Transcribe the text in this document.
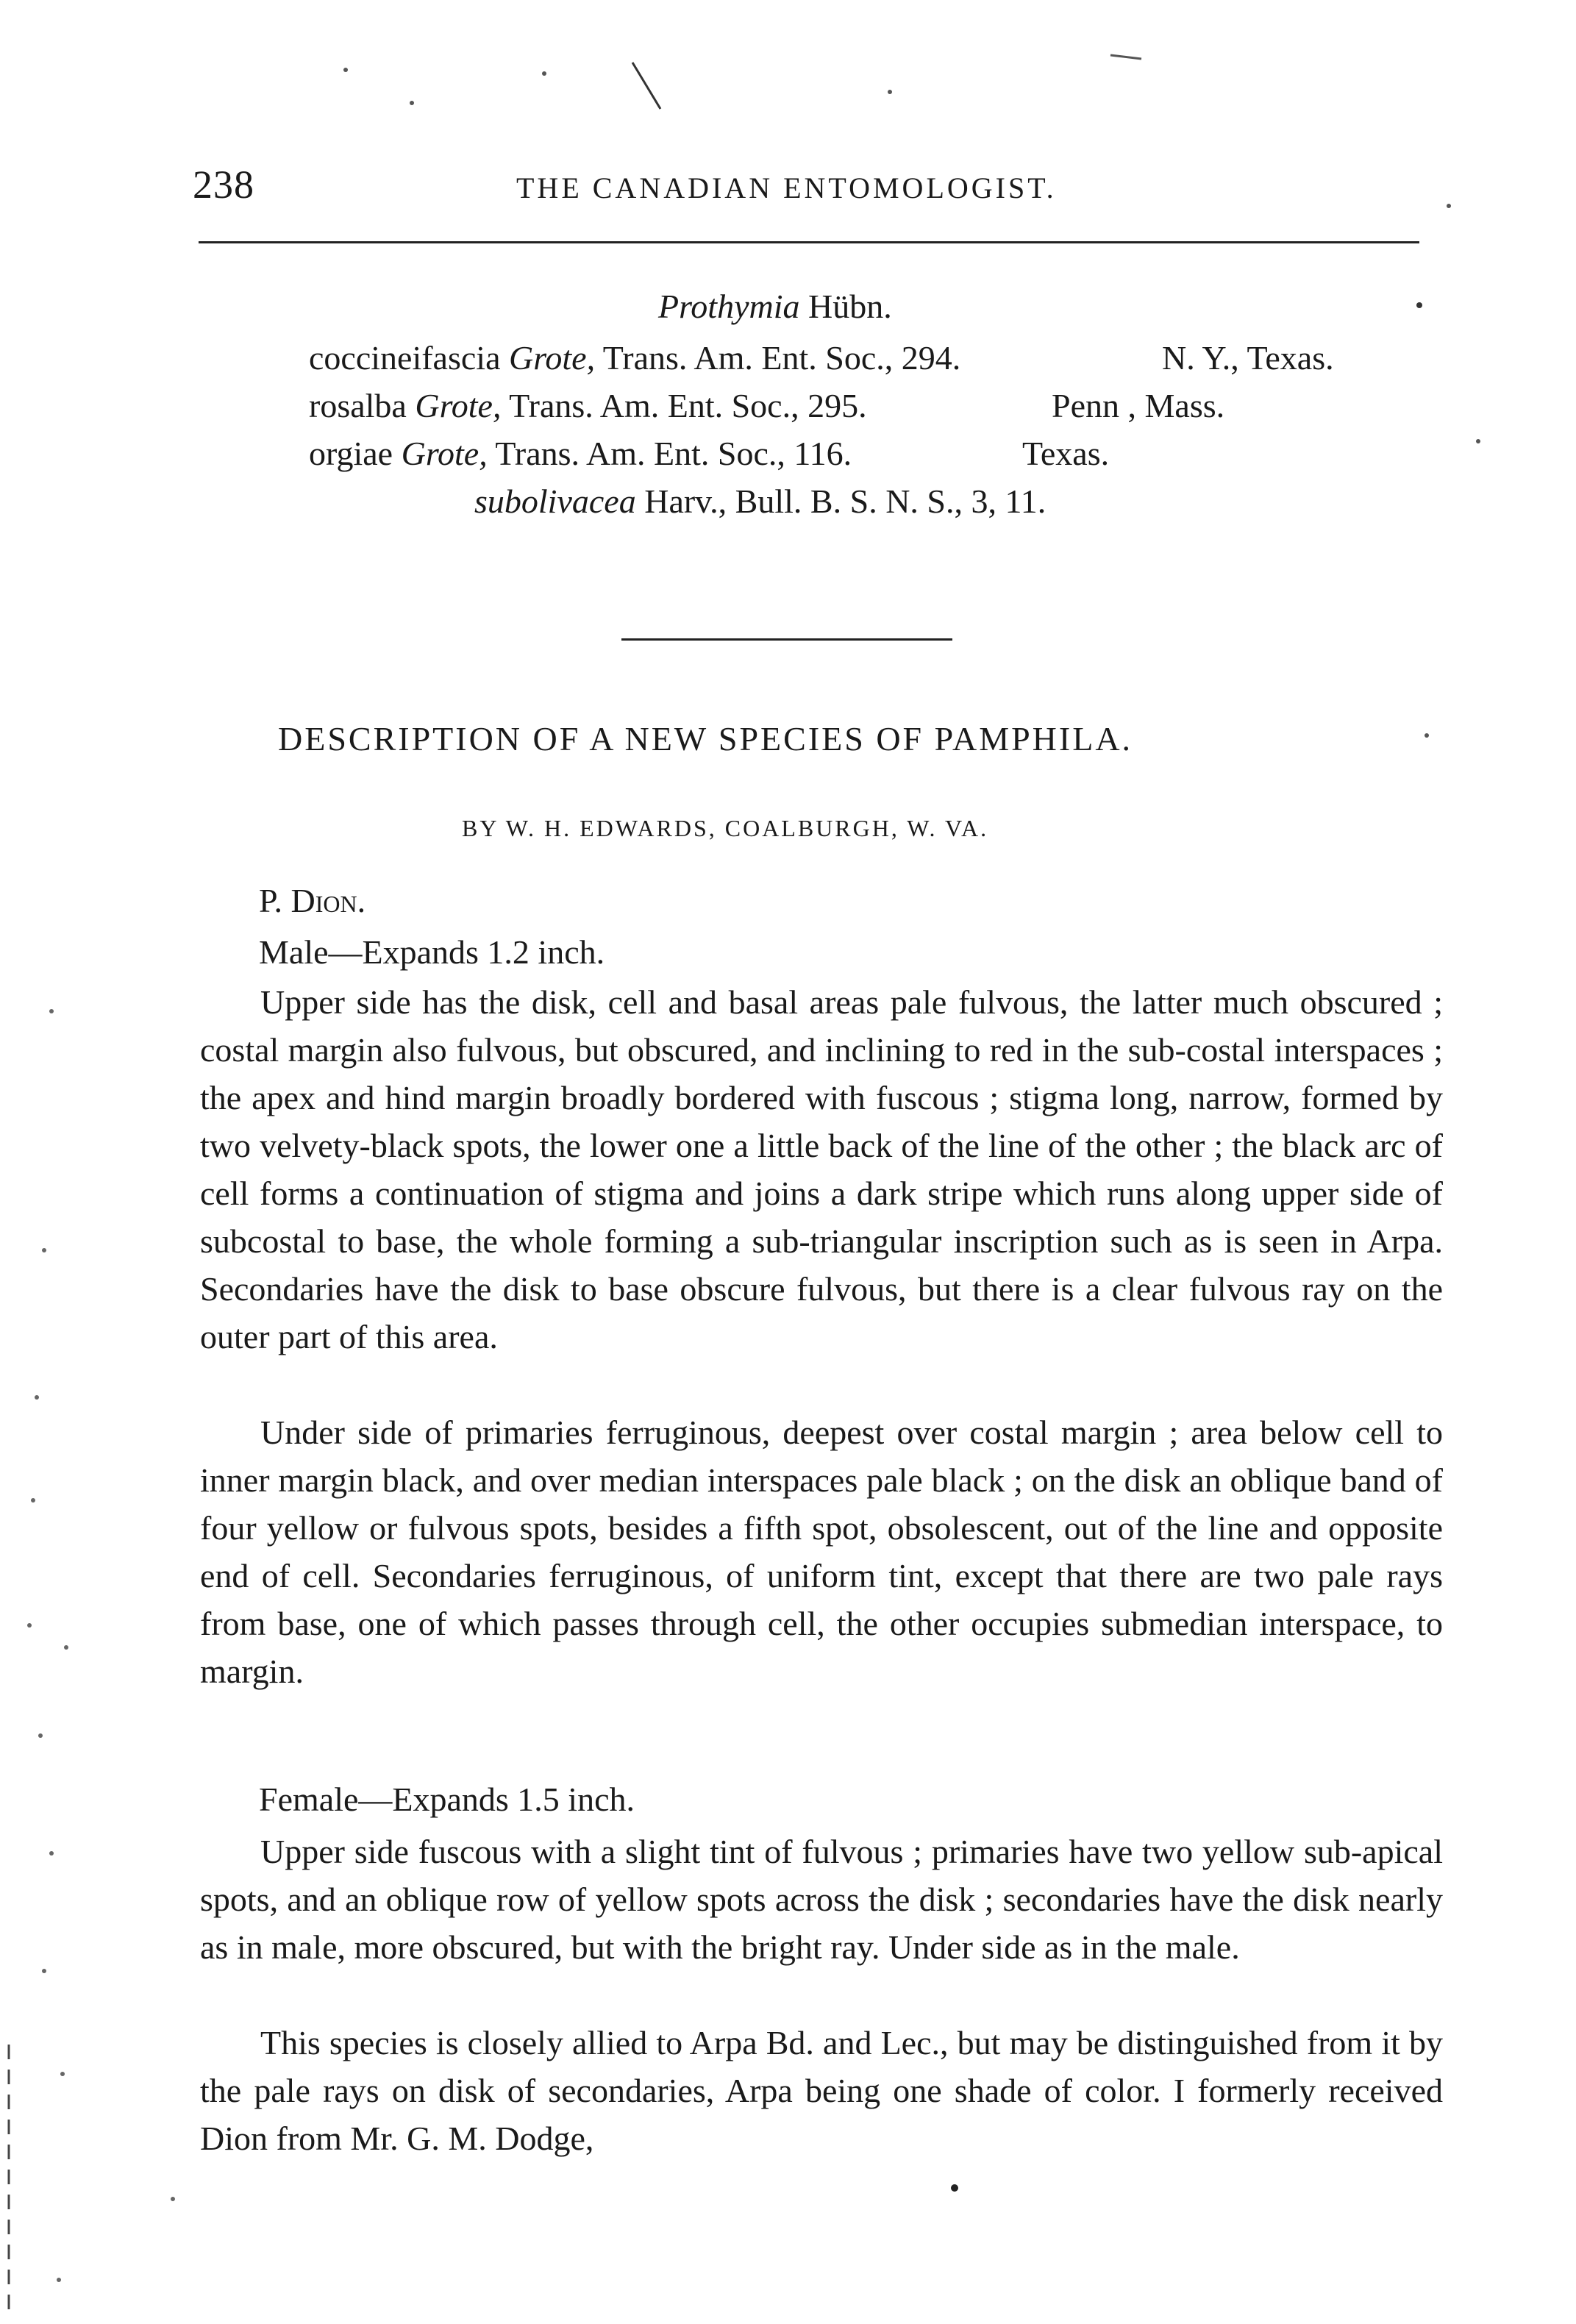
238	THE CANADIAN ENTOMOLOGIST.
Prothymia Hübn.
coccineifascia Grote, Trans. Am. Ent. Soc., 294.	N. Y., Texas.
rosalba Grote, Trans. Am. Ent. Soc., 295.	Penn , Mass.
orgiae Grote, Trans. Am. Ent. Soc., 116.	Texas.
subolivacea Harv., Bull. B. S. N. S., 3, 11.
DESCRIPTION OF A NEW SPECIES OF PAMPHILA.
BY W. H. EDWARDS, COALBURGH, W. VA.
P. Dion.
Male—Expands 1.2 inch.

Upper side has the disk, cell and basal areas pale fulvous, the latter much obscured ; costal margin also fulvous, but obscured, and inclining to red in the sub-costal interspaces ; the apex and hind margin broadly bordered with fuscous ; stigma long, narrow, formed by two velvety-black spots, the lower one a little back of the line of the other ; the black arc of cell forms a continuation of stigma and joins a dark stripe which runs along upper side of subcostal to base, the whole forming a sub-triangular inscription such as is seen in Arpa. Secondaries have the disk to base obscure fulvous, but there is a clear fulvous ray on the outer part of this area.

Under side of primaries ferruginous, deepest over costal margin ; area below cell to inner margin black, and over median interspaces pale black ; on the disk an oblique band of four yellow or fulvous spots, besides a fifth spot, obsolescent, out of the line and opposite end of cell. Secondaries ferruginous, of uniform tint, except that there are two pale rays from base, one of which passes through cell, the other occupies submedian interspace, to margin.

Female—Expands 1.5 inch.

Upper side fuscous with a slight tint of fulvous ; primaries have two yellow sub-apical spots, and an oblique row of yellow spots across the disk ; secondaries have the disk nearly as in male, more obscured, but with the bright ray. Under side as in the male.

This species is closely allied to Arpa Bd. and Lec., but may be distinguished from it by the pale rays on disk of secondaries, Arpa being one shade of color. I formerly received Dion from Mr. G. M. Dodge,
